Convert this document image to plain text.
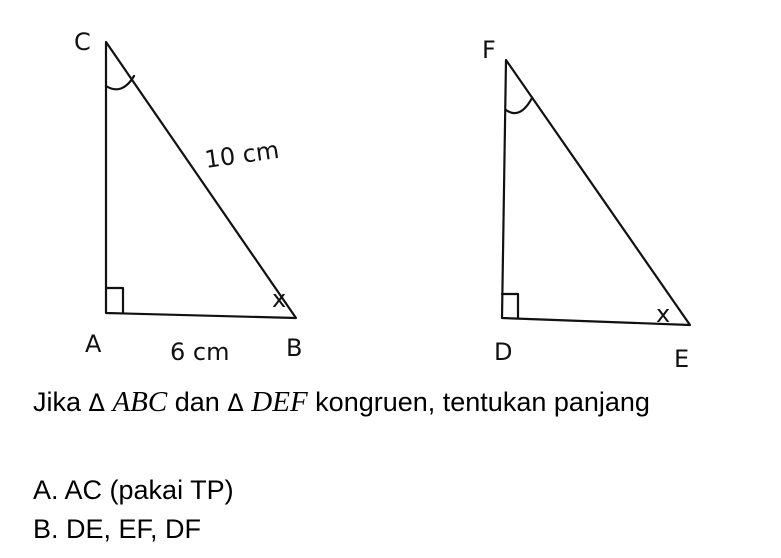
x
C
A	B
10 cm
6 cm
x
F
D	E
Jika Δ ABC dan Δ DEF kongruen, tentukan panjang
A. AC (pakai TP)
B. DE, EF, DF
